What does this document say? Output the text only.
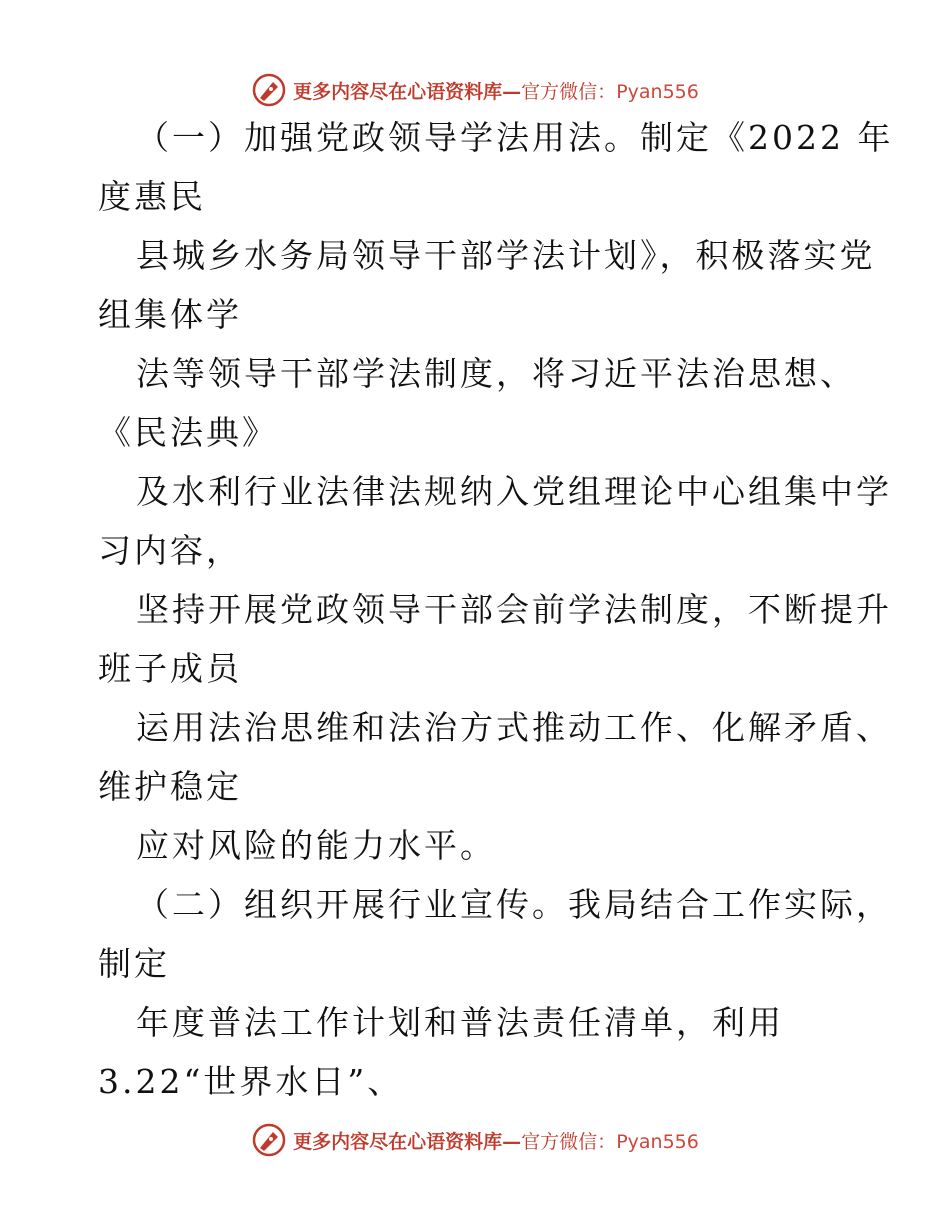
更多内容尽在心语资料库—官方微信：Pyan556
（一）加强党政领导学法用法。制定《2022 年
度惠民
县城乡水务局领导干部学法计划》，积极落实党
组集体学
法等领导干部学法制度，将习近平法治思想、
《民法典》
及水利行业法律法规纳入党组理论中心组集中学
习内容，
坚持开展党政领导干部会前学法制度，不断提升
班子成员
运用法治思维和法治方式推动工作、化解矛盾、
维护稳定
应对风险的能力水平。
（二）组织开展行业宣传。我局结合工作实际，
制定
年度普法工作计划和普法责任清单，利用
3.22“世界水日”、
更多内容尽在心语资料库—官方微信：Pyan556
